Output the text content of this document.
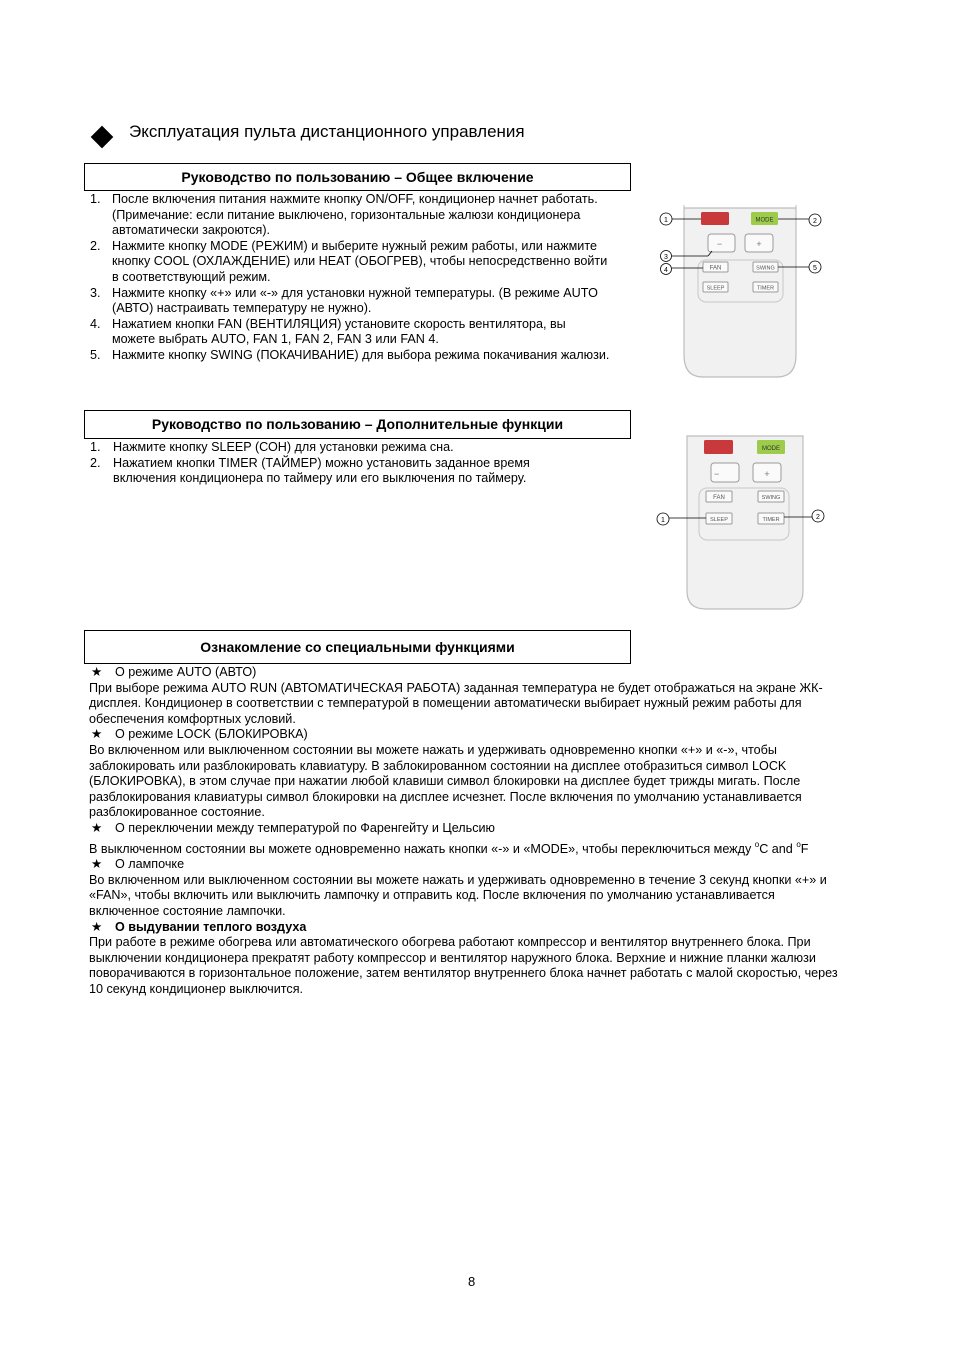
Эксплуатация пульта дистанционного управления
Руководство по пользованию – Общее включение
1. После включения питания нажмите кнопку ON/OFF, кондиционер начнет работать. (Примечание: если питание выключено, горизонтальные жалюзи кондиционера автоматически закроются).
2. Нажмите кнопку MODE (РЕЖИМ) и выберите нужный режим работы, или нажмите кнопку COOL (ОХЛАЖДЕНИЕ) или HEAT (ОБОГРЕВ), чтобы непосредственно войти в соответствующий режим.
3. Нажмите кнопку «+» или «-» для установки нужной температуры. (В режиме AUTO (АВТО) настраивать температуру не нужно).
4. Нажатием кнопки FAN (ВЕНТИЛЯЦИЯ) установите скорость вентилятора, вы можете выбрать AUTO, FAN 1, FAN 2, FAN 3 или FAN 4.
5. Нажмите кнопку SWING (ПОКАЧИВАНИЕ) для выбора режима покачивания жалюзи.
MODE
−	+
FAN	SWING
SLEEP	TIMER
1	2
3
4	5
Руководство по пользованию – Дополнительные функции
1. Нажмите кнопку SLEEP (СОН) для установки режима сна.
2. Нажатием кнопки TIMER (ТАЙМЕР) можно установить заданное время включения кондиционера по таймеру или его выключения по таймеру.
MODE
−	+
FAN	SWING
SLEEP	TIMER
1	2
Ознакомление со специальными функциями
★ О режиме AUTO (АВТО)

При выборе режима AUTO RUN (АВТОМАТИЧЕСКАЯ РАБОТА) заданная температура не будет отображаться на экране ЖК-дисплея. Кондиционер в соответствии с температурой в помещении автоматически выбирает нужный режим работы для обеспечения комфортных условий.

★ О режиме LOCK (БЛОКИРОВКА)

Во включенном или выключенном состоянии вы можете нажать и удерживать одновременно кнопки «+» и «-», чтобы заблокировать или разблокировать клавиатуру. В заблокированном состоянии на дисплее отобразиться символ LOCK (БЛОКИРОВКА), в этом случае при нажатии любой клавиши символ блокировки на дисплее будет трижды мигать. После разблокирования клавиатуры символ блокировки на дисплее исчезнет. После включения по умолчанию устанавливается разблокированное состояние.

★ О переключении между температурой по Фаренгейту и Цельсию

В выключенном состоянии вы можете одновременно нажать кнопки «-» и «MODE», чтобы переключиться между $^o$C and $^o$F

★ О лампочке

Во включенном или выключенном состоянии вы можете нажать и удерживать одновременно в течение 3 секунд кнопки «+» и «FAN», чтобы включить или выключить лампочку и отправить код. После включения по умолчанию устанавливается включенное состояние лампочки.

★ О выдувании теплого воздуха

При работе в режиме обогрева или автоматического обогрева работают компрессор и вентилятор внутреннего блока. При выключении кондиционера прекратят работу компрессор и вентилятор наружного блока. Верхние и нижние планки жалюзи поворачиваются в горизонтальное положение, затем вентилятор внутреннего блока начнет работать с малой скоростью, через 10 секунд кондиционер выключится.

8
